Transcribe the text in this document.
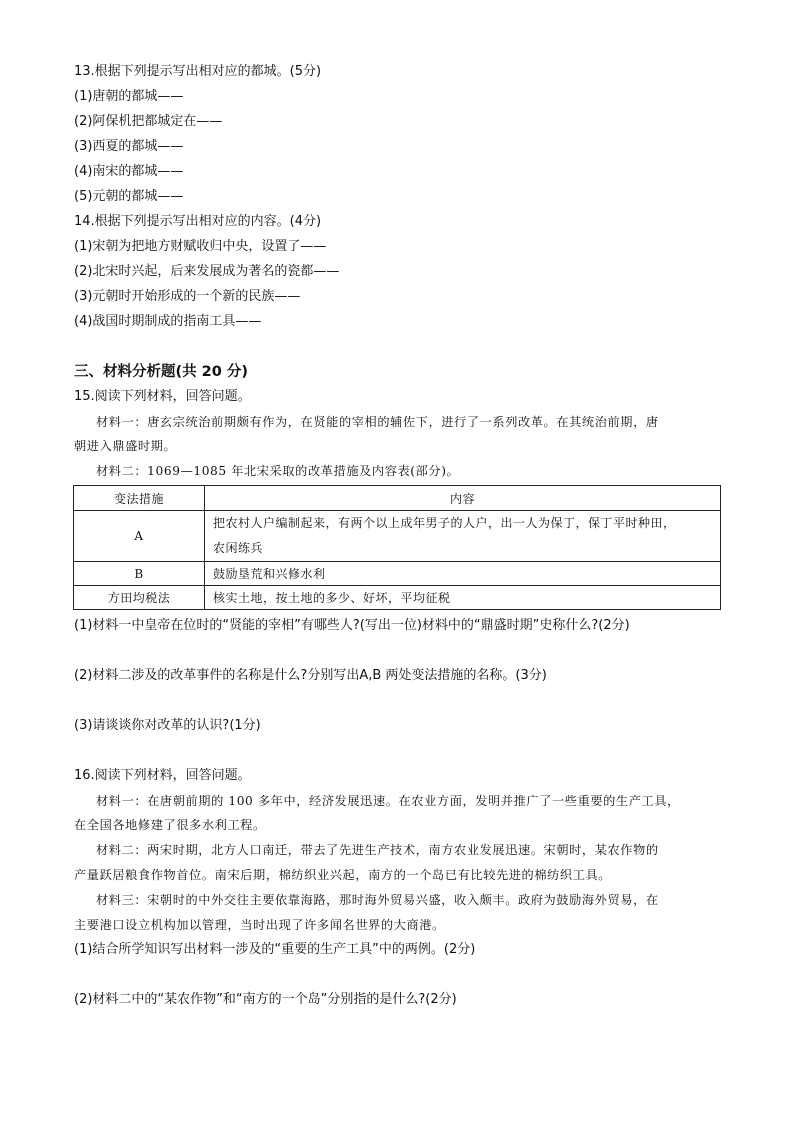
13.根据下列提示写出相对应的都城。(5分)
(1)唐朝的都城——
(2)阿保机把都城定在——
(3)西夏的都城——
(4)南宋的都城——
(5)元朝的都城——
14.根据下列提示写出相对应的内容。(4分)
(1)宋朝为把地方财赋收归中央，设置了——
(2)北宋时兴起，后来发展成为著名的瓷都——
(3)元朝时开始形成的一个新的民族——
(4)战国时期制成的指南工具——
三、材料分析题(共 20 分)
15.阅读下列材料，回答问题。
材料一：唐玄宗统治前期颇有作为，在贤能的宰相的辅佐下，进行了一系列改革。在其统治前期，唐
朝进入鼎盛时期。
材料二：1069—1085 年北宋采取的改革措施及内容表(部分)。
变法措施	内容
A	把农村人户编制起来，有两个以上成年男子的人户，出一人为保丁，保丁平时种田，
农闲练兵

B	鼓励垦荒和兴修水利
方田均税法	核实土地，按土地的多少、好坏，平均征税
(1)材料一中皇帝在位时的“贤能的宰相”有哪些人?(写出一位)材料中的“鼎盛时期”史称什么?(2分)
(2)材料二涉及的改革事件的名称是什么?分别写出A,B 两处变法措施的名称。(3分)
(3)请谈谈你对改革的认识?(1分)
16.阅读下列材料，回答问题。
材料一：在唐朝前期的 100 多年中，经济发展迅速。在农业方面，发明并推广了一些重要的生产工具，
在全国各地修建了很多水利工程。
材料二：两宋时期，北方人口南迁，带去了先进生产技术，南方农业发展迅速。宋朝时，某农作物的
产量跃居粮食作物首位。南宋后期，棉纺织业兴起，南方的一个岛已有比较先进的棉纺织工具。
材料三：宋朝时的中外交往主要依靠海路，那时海外贸易兴盛，收入颇丰。政府为鼓励海外贸易，在
主要港口设立机构加以管理，当时出现了许多闻名世界的大商港。
(1)结合所学知识写出材料一涉及的“重要的生产工具”中的两例。(2分)
(2)材料二中的“某农作物”和“南方的一个岛”分别指的是什么?(2分)
